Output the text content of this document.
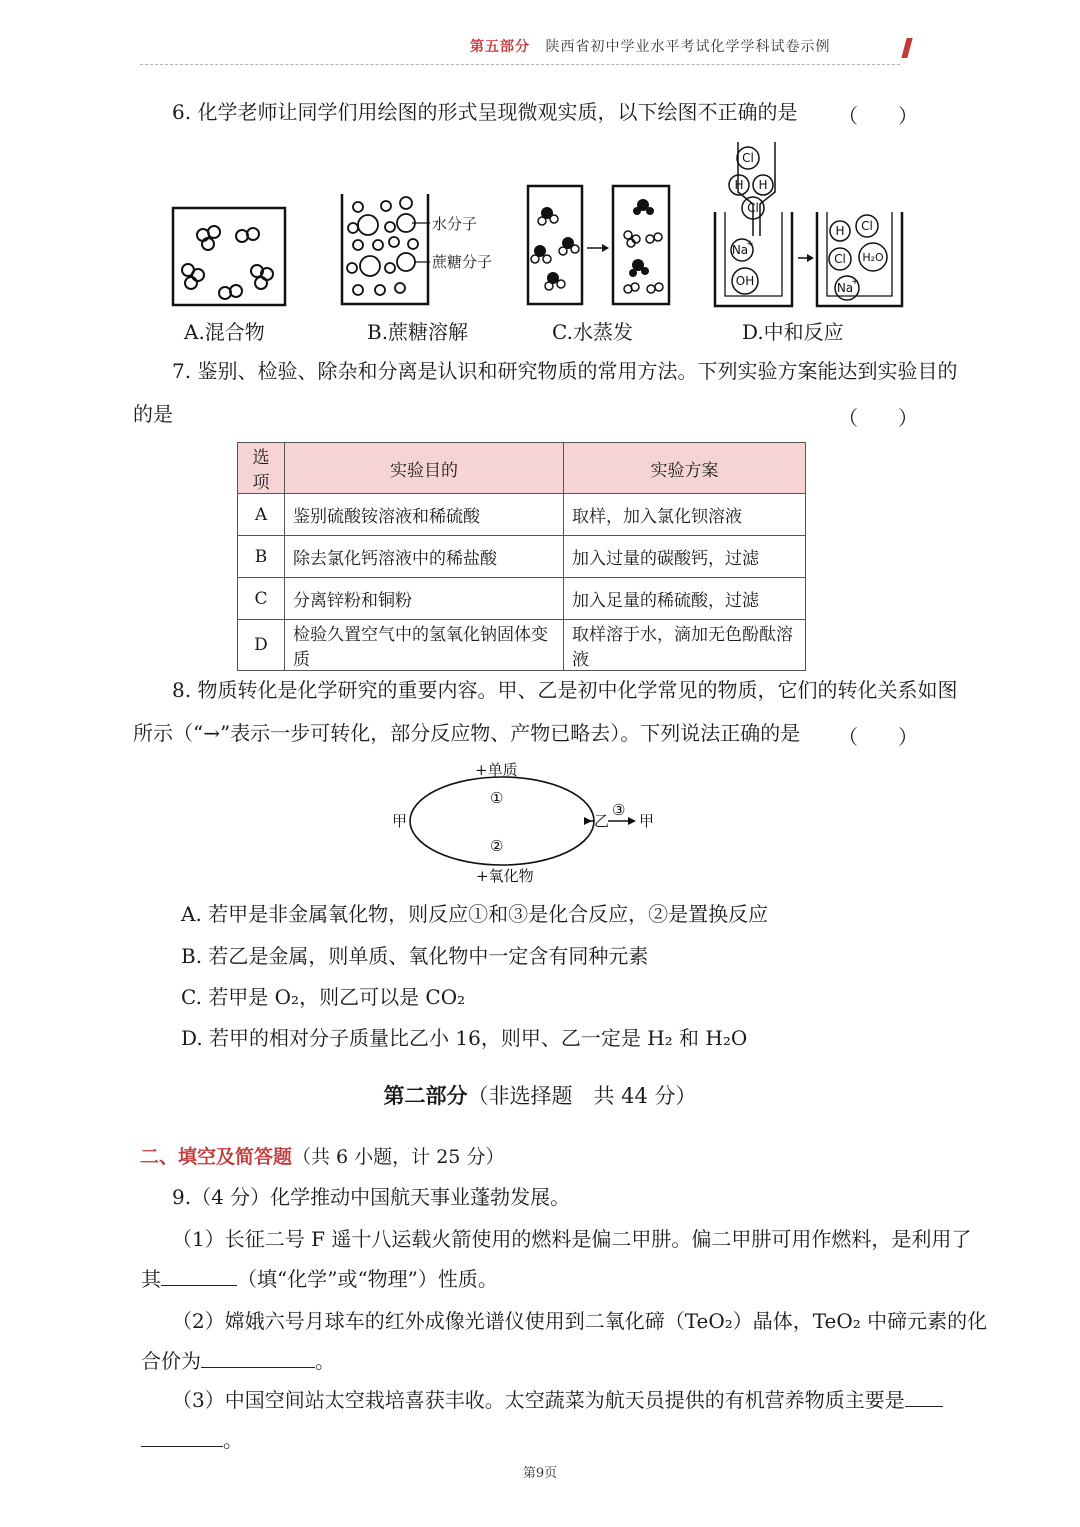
第五部分 陕西省初中学业水平考试化学学科试卷示例
6. 化学老师让同学们用绘图的形式呈现微观实质，以下绘图不正确的是 （　　）
水分子
蔗糖分子
Cl
H H
Cl
Na
+
OH
H Cl
Cl H₂O
Na
+
A.混合物	B.蔗糖溶解	C.水蒸发	D.中和反应
7. 鉴别、检验、除杂和分离是认识和研究物质的常用方法。下列实验方案能达到实验目的
的是	（　　）
选项	实验目的	实验方案
A	鉴别硫酸铵溶液和稀硫酸	取样，加入氯化钡溶液
B	除去氯化钙溶液中的稀盐酸	加入过量的碳酸钙，过滤
C	分离锌粉和铜粉	加入足量的稀硫酸，过滤
D	检验久置空气中的氢氧化钠固体变质	取样溶于水，滴加无色酚酞溶液
8. 物质转化是化学研究的重要内容。甲、乙是初中化学常见的物质，它们的转化关系如图
所示（“→”表示一步可转化，部分反应物、产物已略去）。下列说法正确的是 （　　）
+单质
①
②
+氧化物
甲	乙
③
甲
A. 若甲是非金属氧化物，则反应①和③是化合反应，②是置换反应
B. 若乙是金属，则单质、氧化物中一定含有同种元素
C. 若甲是 O₂，则乙可以是 CO₂
D. 若甲的相对分子质量比乙小 16，则甲、乙一定是 H₂ 和 H₂O
第二部分（非选择题　共 44 分）
二、填空及简答题（共 6 小题，计 25 分）
9.（4 分）化学推动中国航天事业蓬勃发展。
（1）长征二号 F 遥十八运载火箭使用的燃料是偏二甲肼。偏二甲肼可用作燃料，是利用了
其	（填“化学”或“物理”）性质。
（2）嫦娥六号月球车的红外成像光谱仪使用到二氧化碲（TeO₂）晶体，TeO₂ 中碲元素的化
合价为	。
（3）中国空间站太空栽培喜获丰收。太空蔬菜为航天员提供的有机营养物质主要是
。
第9页
